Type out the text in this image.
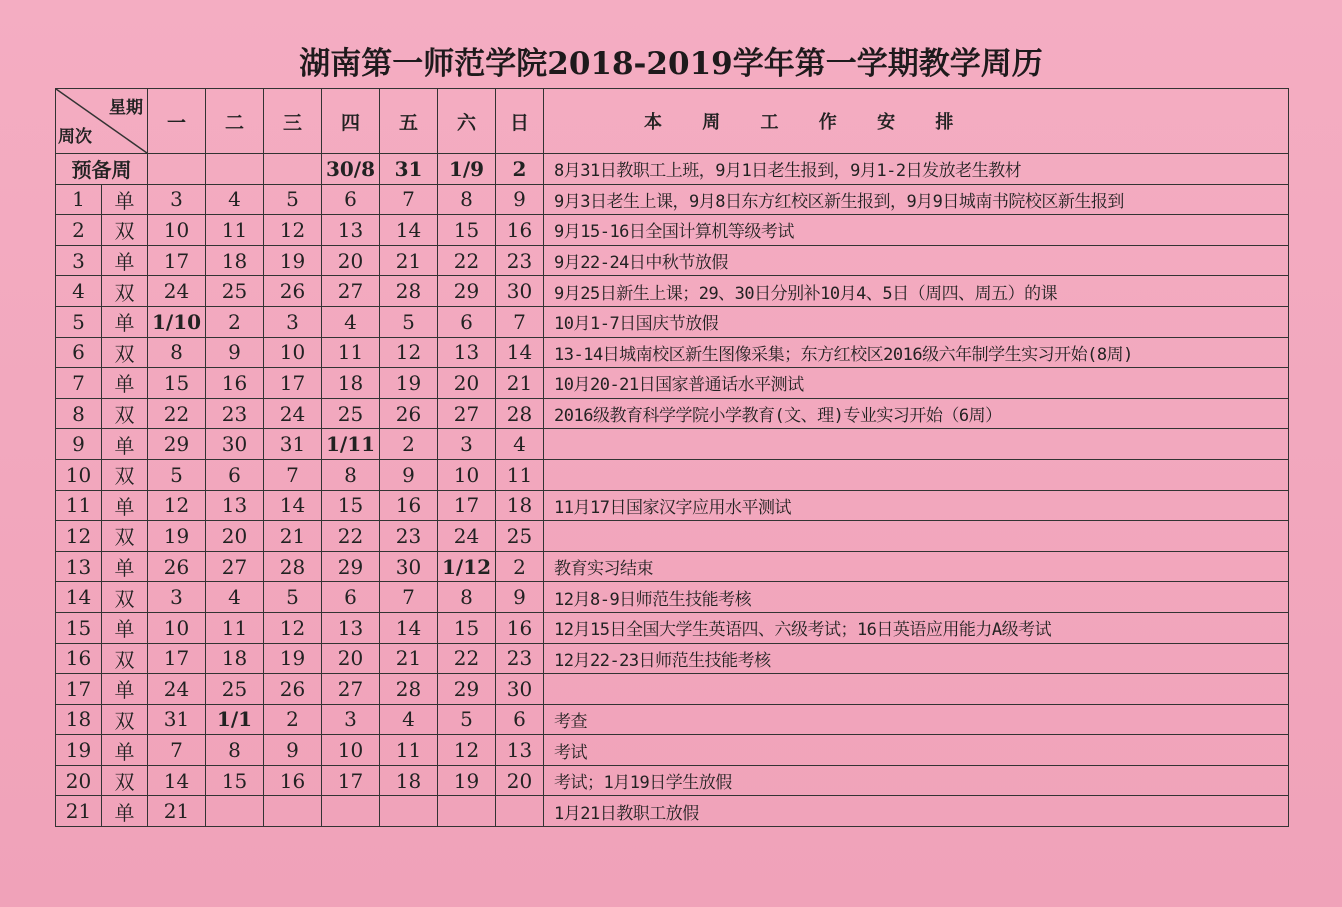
湖南第一师范学院2018-2019学年第一学期教学周历
星期
周次		一	二	三	四	五	六	日	本 周 工 作 安 排
预备周					30/8	31	1/9	2	8月31日教职工上班，9月1日老生报到，9月1-2日发放老生教材
1	单	3	4	5	6	7	8	9	9月3日老生上课，9月8日东方红校区新生报到，9月9日城南书院校区新生报到
2	双	10	11	12	13	14	15	16	9月15-16日全国计算机等级考试
3	单	17	18	19	20	21	22	23	9月22-24日中秋节放假
4	双	24	25	26	27	28	29	30	9月25日新生上课；29、30日分别补10月4、5日（周四、周五）的课
5	单	1/10	2	3	4	5	6	7	10月1-7日国庆节放假
6	双	8	9	10	11	12	13	14	13-14日城南校区新生图像采集；东方红校区2016级六年制学生实习开始(8周)
7	单	15	16	17	18	19	20	21	10月20-21日国家普通话水平测试
8	双	22	23	24	25	26	27	28	2016级教育科学学院小学教育(文、理)专业实习开始（6周）
9	单	29	30	31	1/11	2	3	4	
10	双	5	6	7	8	9	10	11	
11	单	12	13	14	15	16	17	18	11月17日国家汉字应用水平测试
12	双	19	20	21	22	23	24	25	
13	单	26	27	28	29	30	1/12	2	教育实习结束
14	双	3	4	5	6	7	8	9	12月8-9日师范生技能考核
15	单	10	11	12	13	14	15	16	12月15日全国大学生英语四、六级考试；16日英语应用能力A级考试
16	双	17	18	19	20	21	22	23	12月22-23日师范生技能考核
17	单	24	25	26	27	28	29	30	
18	双	31	1/1	2	3	4	5	6	考查
19	单	7	8	9	10	11	12	13	考试
20	双	14	15	16	17	18	19	20	考试；1月19日学生放假
21	单	21							1月21日教职工放假
